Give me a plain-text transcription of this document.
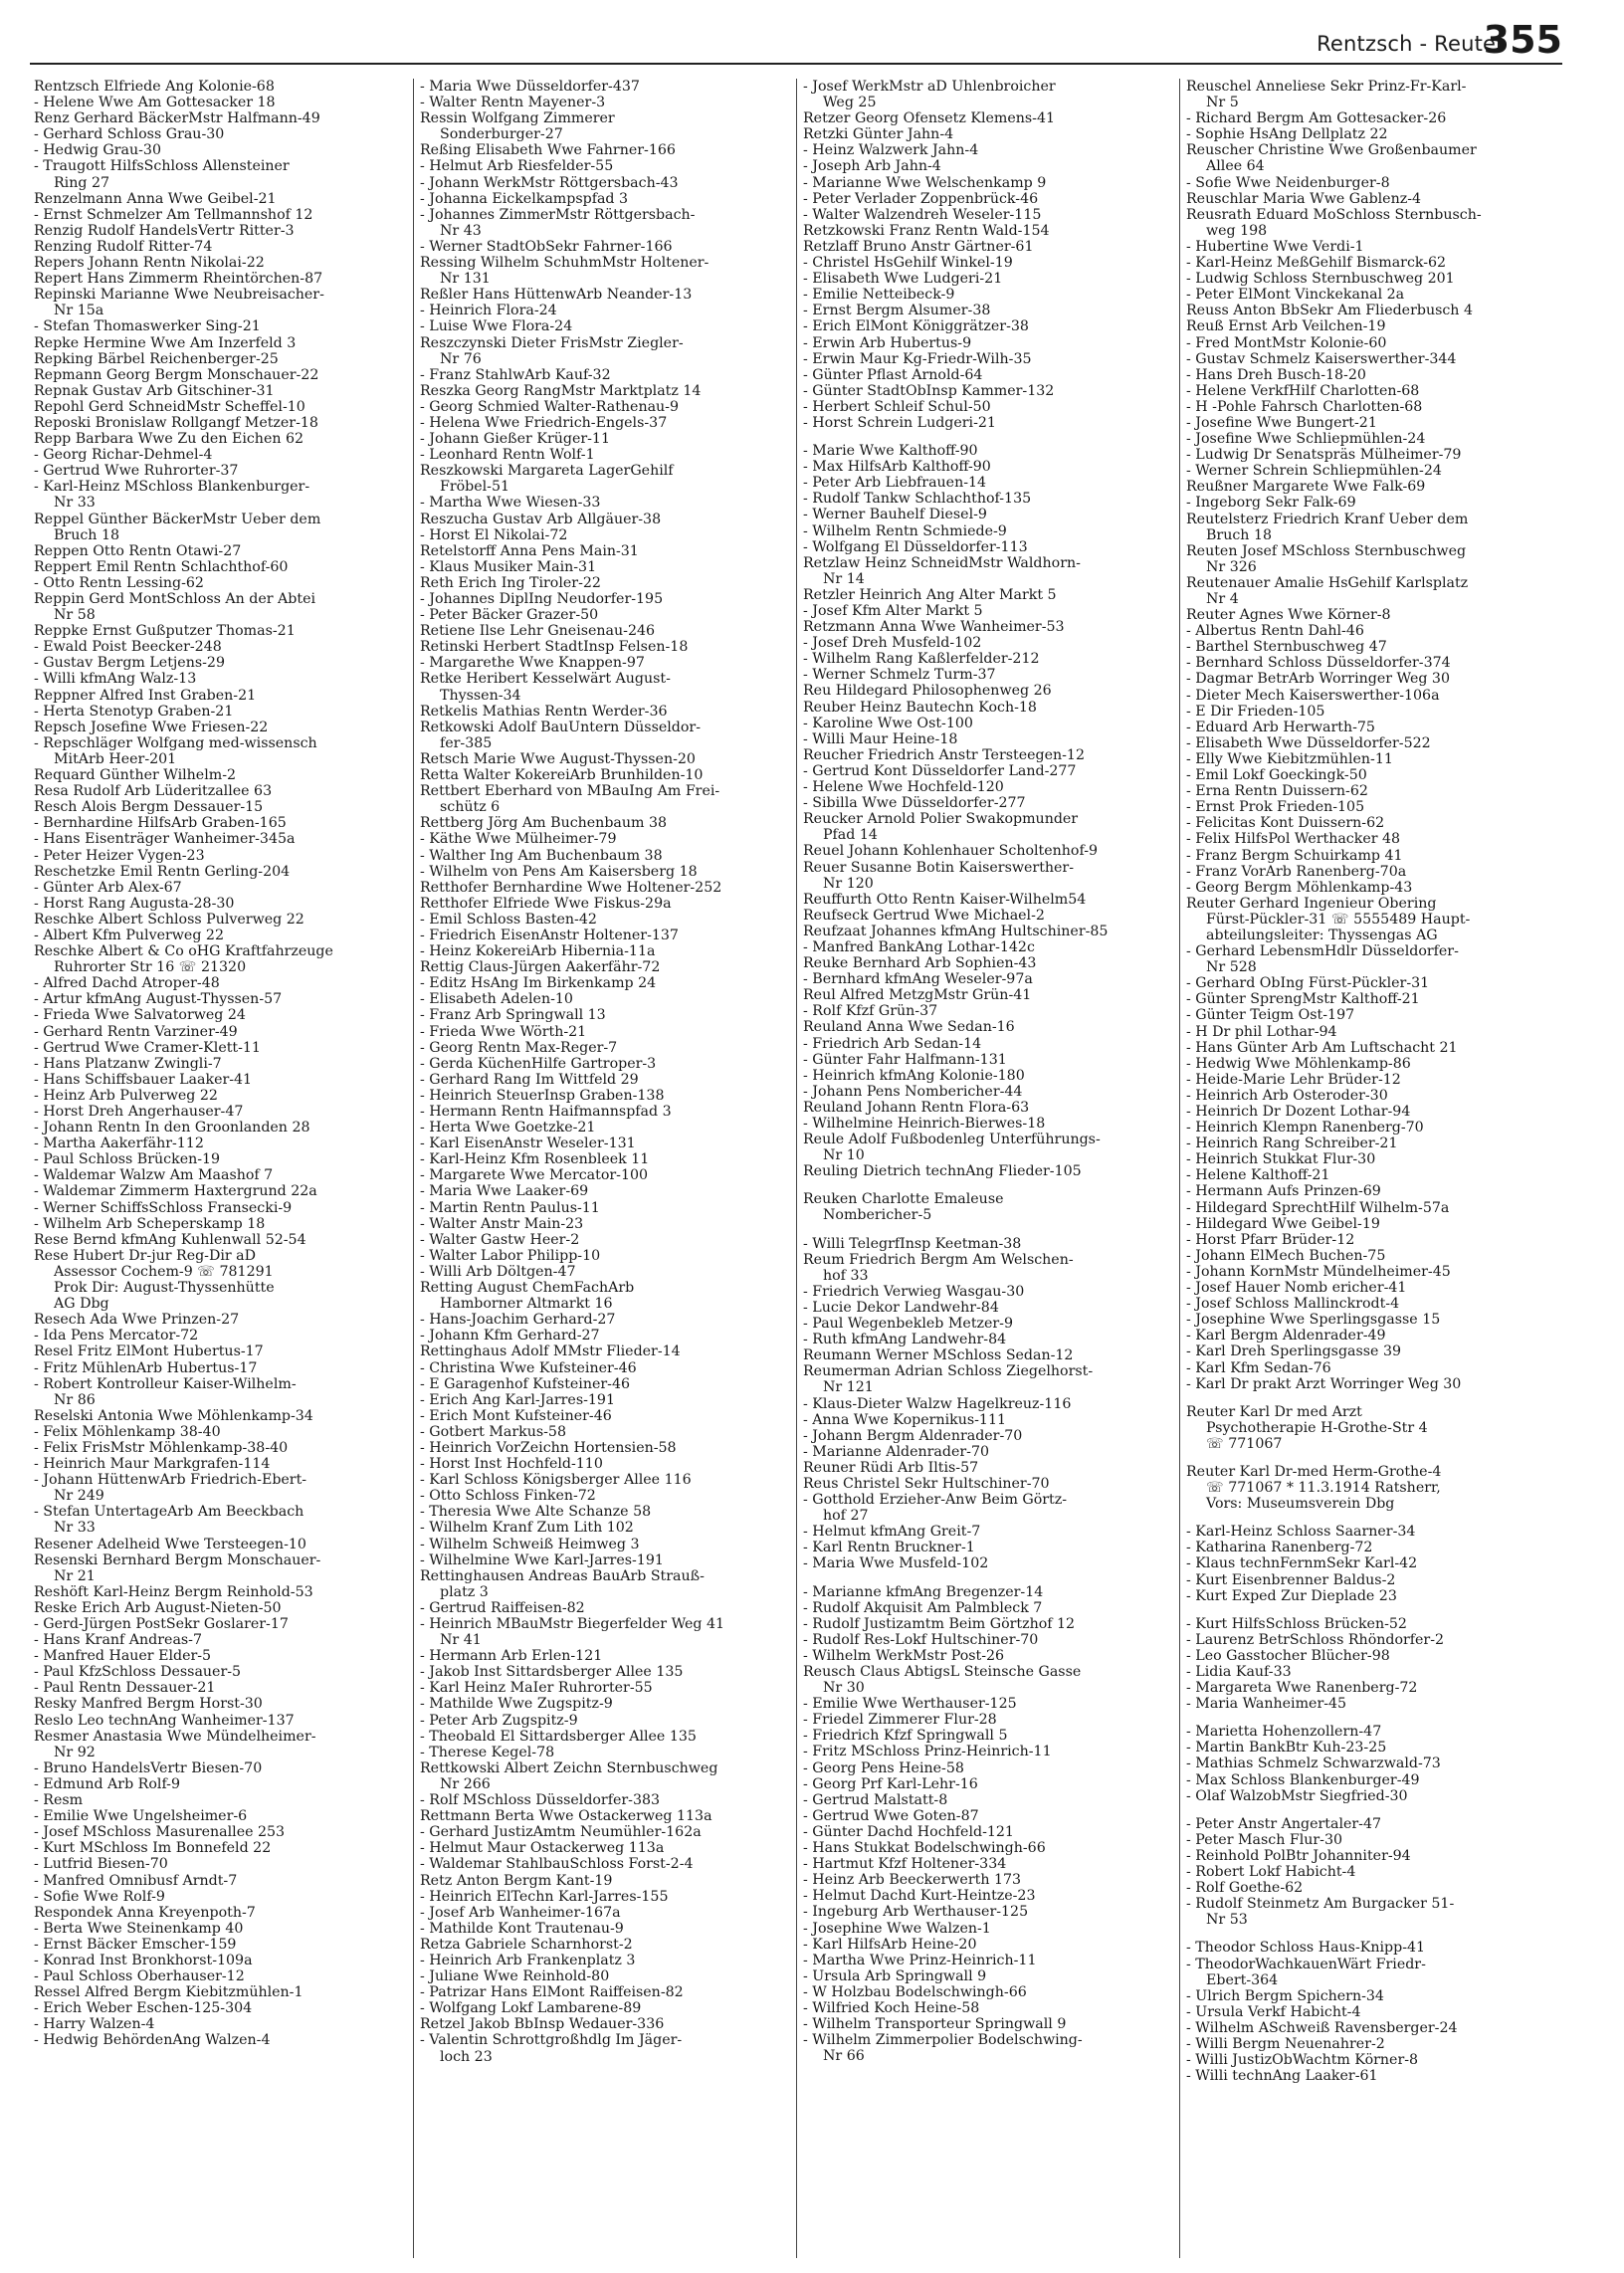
Rentzsch - Reuter
355
Rentzsch Elfriede Ang Kolonie-68
- Helene Wwe Am Gottesacker 18
Renz Gerhard BäckerMstr Halfmann-49
- Gerhard Schloss Grau-30
- Hedwig Grau-30
- Traugott HilfsSchloss Allensteiner
Ring 27
Renzelmann Anna Wwe Geibel-21
- Ernst Schmelzer Am Tellmannshof 12
Renzig Rudolf HandelsVertr Ritter-3
Renzing Rudolf Ritter-74
Repers Johann Rentn Nikolai-22
Repert Hans Zimmerm Rheintörchen-87
Repinski Marianne Wwe Neubreisacher-
Nr 15a
- Stefan Thomaswerker Sing-21
Repke Hermine Wwe Am Inzerfeld 3
Repking Bärbel Reichenberger-25
Repmann Georg Bergm Monschauer-22
Repnak Gustav Arb Gitschiner-31
Repohl Gerd SchneidMstr Scheffel-10
Reposki Bronislaw Rollgangf Metzer-18
Repp Barbara Wwe Zu den Eichen 62
- Georg Richar-Dehmel-4
- Gertrud Wwe Ruhrorter-37
- Karl-Heinz MSchloss Blankenburger-
Nr 33
Reppel Günther BäckerMstr Ueber dem
Bruch 18
Reppen Otto Rentn Otawi-27
Reppert Emil Rentn Schlachthof-60
- Otto Rentn Lessing-62
Reppin Gerd MontSchloss An der Abtei
Nr 58
Reppke Ernst Gußputzer Thomas-21
- Ewald Poist Beecker-248
- Gustav Bergm Letjens-29
- Willi kfmAng Walz-13
Reppner Alfred Inst Graben-21
- Herta Stenotyp Graben-21
Repsch Josefine Wwe Friesen-22
- Repschläger Wolfgang med-wissensch
MitArb Heer-201
Requard Günther Wilhelm-2
Resa Rudolf Arb Lüderitzallee 63
Resch Alois Bergm Dessauer-15
- Bernhardine HilfsArb Graben-165
- Hans Eisenträger Wanheimer-345a
- Peter Heizer Vygen-23
Reschetzke Emil Rentn Gerling-204
- Günter Arb Alex-67
- Horst Rang Augusta-28-30
Reschke Albert Schloss Pulverweg 22
- Albert Kfm Pulverweg 22
Reschke Albert & Co oHG Kraftfahrzeuge
Ruhrorter Str 16 ☏ 21320
- Alfred Dachd Atroper-48
- Artur kfmAng August-Thyssen-57
- Frieda Wwe Salvatorweg 24
- Gerhard Rentn Varziner-49
- Gertrud Wwe Cramer-Klett-11
- Hans Platzanw Zwingli-7
- Hans Schiffsbauer Laaker-41
- Heinz Arb Pulverweg 22
- Horst Dreh Angerhauser-47
- Johann Rentn In den Groonlanden 28
- Martha Aakerfähr-112
- Paul Schloss Brücken-19
- Waldemar Walzw Am Maashof 7
- Waldemar Zimmerm Haxtergrund 22a
- Werner SchiffsSchloss Fransecki-9
- Wilhelm Arb Scheperskamp 18
Rese Bernd kfmAng Kuhlenwall 52-54
Rese Hubert Dr-jur Reg-Dir aD
Assessor Cochem-9 ☏ 781291
Prok Dir: August-Thyssenhütte
AG Dbg
Resech Ada Wwe Prinzen-27
- Ida Pens Mercator-72
Resel Fritz ElMont Hubertus-17
- Fritz MühlenArb Hubertus-17
- Robert Kontrolleur Kaiser-Wilhelm-
Nr 86
Reselski Antonia Wwe Möhlenkamp-34
- Felix Möhlenkamp 38-40
- Felix FrisMstr Möhlenkamp-38-40
- Heinrich Maur Markgrafen-114
- Johann HüttenwArb Friedrich-Ebert-
Nr 249
- Stefan UntertageArb Am Beeckbach
Nr 33
Resener Adelheid Wwe Tersteegen-10
Resenski Bernhard Bergm Monschauer-
Nr 21
Reshöft Karl-Heinz Bergm Reinhold-53
Reske Erich Arb August-Nieten-50
- Gerd-Jürgen PostSekr Goslarer-17
- Hans Kranf Andreas-7
- Manfred Hauer Elder-5
- Paul KfzSchloss Dessauer-5
- Paul Rentn Dessauer-21
Resky Manfred Bergm Horst-30
Reslo Leo technAng Wanheimer-137
Resmer Anastasia Wwe Mündelheimer-
Nr 92
- Bruno HandelsVertr Biesen-70
- Edmund Arb Rolf-9
- Resm
- Emilie Wwe Ungelsheimer-6
- Josef MSchloss Masurenallee 253
- Kurt MSchloss Im Bonnefeld 22
- Lutfrid Biesen-70
- Manfred Omnibusf Arndt-7
- Sofie Wwe Rolf-9
Respondek Anna Kreyenpoth-7
- Berta Wwe Steinenkamp 40
- Ernst Bäcker Emscher-159
- Konrad Inst Bronkhorst-109a
- Paul Schloss Oberhauser-12
Ressel Alfred Bergm Kiebitzmühlen-1
- Erich Weber Eschen-125-304
- Harry Walzen-4
- Hedwig BehördenAng Walzen-4
- Maria Wwe Düsseldorfer-437
- Walter Rentn Mayener-3
Ressin Wolfgang Zimmerer
Sonderburger-27
Reßing Elisabeth Wwe Fahrner-166
- Helmut Arb Riesfelder-55
- Johann WerkMstr Röttgersbach-43
- Johanna Eickelkampspfad 3
- Johannes ZimmerMstr Röttgersbach-
Nr 43
- Werner StadtObSekr Fahrner-166
Ressing Wilhelm SchuhmMstr Holtener-
Nr 131
Reßler Hans HüttenwArb Neander-13
- Heinrich Flora-24
- Luise Wwe Flora-24
Reszczynski Dieter FrisMstr Ziegler-
Nr 76
- Franz StahlwArb Kauf-32
Reszka Georg RangMstr Marktplatz 14
- Georg Schmied Walter-Rathenau-9
- Helena Wwe Friedrich-Engels-37
- Johann Gießer Krüger-11
- Leonhard Rentn Wolf-1
Reszkowski Margareta LagerGehilf
Fröbel-51
- Martha Wwe Wiesen-33
Reszucha Gustav Arb Allgäuer-38
- Horst El Nikolai-72
Retelstorff Anna Pens Main-31
- Klaus Musiker Main-31
Reth Erich Ing Tiroler-22
- Johannes DiplIng Neudorfer-195
- Peter Bäcker Grazer-50
Retiene Ilse Lehr Gneisenau-246
Retinski Herbert StadtInsp Felsen-18
- Margarethe Wwe Knappen-97
Retke Heribert Kesselwärt August-
Thyssen-34
Retkelis Mathias Rentn Werder-36
Retkowski Adolf BauUntern Düsseldor-
fer-385
Retsch Marie Wwe August-Thyssen-20
Retta Walter KokereiArb Brunhilden-10
Rettbert Eberhard von MBauIng Am Frei-
schütz 6
Rettberg Jörg Am Buchenbaum 38
- Käthe Wwe Mülheimer-79
- Walther Ing Am Buchenbaum 38
- Wilhelm von Pens Am Kaisersberg 18
Retthofer Bernhardine Wwe Holtener-252
Retthofer Elfriede Wwe Fiskus-29a
- Emil Schloss Basten-42
- Friedrich EisenAnstr Holtener-137
- Heinz KokereiArb Hibernia-11a
Rettig Claus-Jürgen Aakerfähr-72
- Editz HsAng Im Birkenkamp 24
- Elisabeth Adelen-10
- Franz Arb Springwall 13
- Frieda Wwe Wörth-21
- Georg Rentn Max-Reger-7
- Gerda KüchenHilfe Gartroper-3
- Gerhard Rang Im Wittfeld 29
- Heinrich SteuerInsp Graben-138
- Hermann Rentn Haifmannspfad 3
- Herta Wwe Goetzke-21
- Karl EisenAnstr Weseler-131
- Karl-Heinz Kfm Rosenbleek 11
- Margarete Wwe Mercator-100
- Maria Wwe Laaker-69
- Martin Rentn Paulus-11
- Walter Anstr Main-23
- Walter Gastw Heer-2
- Walter Labor Philipp-10
- Willi Arb Döltgen-47
Retting August ChemFachArb
Hamborner Altmarkt 16
- Hans-Joachim Gerhard-27
- Johann Kfm Gerhard-27
Rettinghaus Adolf MMstr Flieder-14
- Christina Wwe Kufsteiner-46
- E Garagenhof Kufsteiner-46
- Erich Ang Karl-Jarres-191
- Erich Mont Kufsteiner-46
- Gotbert Markus-58
- Heinrich VorZeichn Hortensien-58
- Horst Inst Hochfeld-110
- Karl Schloss Königsberger Allee 116
- Otto Schloss Finken-72
- Theresia Wwe Alte Schanze 58
- Wilhelm Kranf Zum Lith 102
- Wilhelm Schweiß Heimweg 3
- Wilhelmine Wwe Karl-Jarres-191
Rettinghausen Andreas BauArb Strauß-
platz 3
- Gertrud Raiffeisen-82
- Heinrich MBauMstr Biegerfelder Weg 41
Nr 41
- Hermann Arb Erlen-121
- Jakob Inst Sittardsberger Allee 135
- Karl Heinz MaIer Ruhrorter-55
- Mathilde Wwe Zugspitz-9
- Peter Arb Zugspitz-9
- Theobald El Sittardsberger Allee 135
- Therese Kegel-78
Rettkowski Albert Zeichn Sternbuschweg
Nr 266
- Rolf MSchloss Düsseldorfer-383
Rettmann Berta Wwe Ostackerweg 113a
- Gerhard JustizAmtm Neumühler-162a
- Helmut Maur Ostackerweg 113a
- Waldemar StahlbauSchloss Forst-2-4
Retz Anton Bergm Kant-19
- Heinrich ElTechn Karl-Jarres-155
- Josef Arb Wanheimer-167a
- Mathilde Kont Trautenau-9
Retza Gabriele Scharnhorst-2
- Heinrich Arb Frankenplatz 3
- Juliane Wwe Reinhold-80
- Patrizar Hans ElMont Raiffeisen-82
- Wolfgang Lokf Lambarene-89
Retzel Jakob BbInsp Wedauer-336
- Valentin Schrottgroßhdlg Im Jäger-
loch 23
- Josef WerkMstr aD Uhlenbroicher
Weg 25
Retzer Georg Ofensetz Klemens-41
Retzki Günter Jahn-4
- Heinz Walzwerk Jahn-4
- Joseph Arb Jahn-4
- Marianne Wwe Welschenkamp 9
- Peter Verlader Zoppenbrück-46
- Walter Walzendreh Weseler-115
Retzkowski Franz Rentn Wald-154
Retzlaff Bruno Anstr Gärtner-61
- Christel HsGehilf Winkel-19
- Elisabeth Wwe Ludgeri-21
- Emilie Netteibeck-9
- Ernst Bergm Alsumer-38
- Erich ElMont Königgrätzer-38
- Erwin Arb Hubertus-9
- Erwin Maur Kg-Friedr-Wilh-35
- Günter Pflast Arnold-64
- Günter StadtObInsp Kammer-132
- Herbert Schleif Schul-50
- Horst Schrein Ludgeri-21
- Marie Wwe Kalthoff-90
- Max HilfsArb Kalthoff-90
- Peter Arb Liebfrauen-14
- Rudolf Tankw Schlachthof-135
- Werner Bauhelf Diesel-9
- Wilhelm Rentn Schmiede-9
- Wolfgang El Düsseldorfer-113
Retzlaw Heinz SchneidMstr Waldhorn-
Nr 14
Retzler Heinrich Ang Alter Markt 5
- Josef Kfm Alter Markt 5
Retzmann Anna Wwe Wanheimer-53
- Josef Dreh Musfeld-102
- Wilhelm Rang Kaßlerfelder-212
- Werner Schmelz Turm-37
Reu Hildegard Philosophenweg 26
Reuber Heinz Bautechn Koch-18
- Karoline Wwe Ost-100
- Willi Maur Heine-18
Reucher Friedrich Anstr Tersteegen-12
- Gertrud Kont Düsseldorfer Land-277
- Helene Wwe Hochfeld-120
- Sibilla Wwe Düsseldorfer-277
Reucker Arnold Polier Swakopmunder
Pfad 14
Reuel Johann Kohlenhauer Scholtenhof-9
Reuer Susanne Botin Kaiserswerther-
Nr 120
Reuffurth Otto Rentn Kaiser-Wilhelm54
Reufseck Gertrud Wwe Michael-2
Reufzaat Johannes kfmAng Hultschiner-85
- Manfred BankAng Lothar-142c
Reuke Bernhard Arb Sophien-43
- Bernhard kfmAng Weseler-97a
Reul Alfred MetzgMstr Grün-41
- Rolf Kfzf Grün-37
Reuland Anna Wwe Sedan-16
- Friedrich Arb Sedan-14
- Günter Fahr Halfmann-131
- Heinrich kfmAng Kolonie-180
- Johann Pens Nombericher-44
Reuland Johann Rentn Flora-63
- Wilhelmine Heinrich-Bierwes-18
Reule Adolf Fußbodenleg Unterführungs-
Nr 10
Reuling Dietrich technAng Flieder-105
Reuken Charlotte Emaleuse
Nombericher-5
- Willi TelegrfInsp Keetman-38
Reum Friedrich Bergm Am Welschen-
hof 33
- Friedrich Verwieg Wasgau-30
- Lucie Dekor Landwehr-84
- Paul Wegenbekleb Metzer-9
- Ruth kfmAng Landwehr-84
Reumann Werner MSchloss Sedan-12
Reumerman Adrian Schloss Ziegelhorst-
Nr 121
- Klaus-Dieter Walzw Hagelkreuz-116
- Anna Wwe Kopernikus-111
- Johann Bergm Aldenrader-70
- Marianne Aldenrader-70
Reuner Rüdi Arb Iltis-57
Reus Christel Sekr Hultschiner-70
- Gotthold Erzieher-Anw Beim Görtz-
hof 27
- Helmut kfmAng Greit-7
- Karl Rentn Bruckner-1
- Maria Wwe Musfeld-102
- Marianne kfmAng Bregenzer-14
- Rudolf Akquisit Am Palmbleck 7
- Rudolf Justizamtm Beim Görtzhof 12
- Rudolf Res-Lokf Hultschiner-70
- Wilhelm WerkMstr Post-26
Reusch Claus AbtigsL Steinsche Gasse
Nr 30
- Emilie Wwe Werthauser-125
- Friedel Zimmerer Flur-28
- Friedrich Kfzf Springwall 5
- Fritz MSchloss Prinz-Heinrich-11
- Georg Pens Heine-58
- Georg Prf Karl-Lehr-16
- Gertrud Malstatt-8
- Gertrud Wwe Goten-87
- Günter Dachd Hochfeld-121
- Hans Stukkat Bodelschwingh-66
- Hartmut Kfzf Holtener-334
- Heinz Arb Beeckerwerth 173
- Helmut Dachd Kurt-Heintze-23
- Ingeburg Arb Werthauser-125
- Josephine Wwe Walzen-1
- Karl HilfsArb Heine-20
- Martha Wwe Prinz-Heinrich-11
- Ursula Arb Springwall 9
- W Holzbau Bodelschwingh-66
- Wilfried Koch Heine-58
- Wilhelm Transporteur Springwall 9
- Wilhelm Zimmerpolier Bodelschwing-
Nr 66
Reuschel Anneliese Sekr Prinz-Fr-Karl-
Nr 5
- Richard Bergm Am Gottesacker-26
- Sophie HsAng Dellplatz 22
Reuscher Christine Wwe Großenbaumer
Allee 64
- Sofie Wwe Neidenburger-8
Reuschlar Maria Wwe Gablenz-4
Reusrath Eduard MoSchloss Sternbusch-
weg 198
- Hubertine Wwe Verdi-1
- Karl-Heinz MeßGehilf Bismarck-62
- Ludwig Schloss Sternbuschweg 201
- Peter ElMont Vinckekanal 2a
Reuss Anton BbSekr Am Fliederbusch 4
Reuß Ernst Arb Veilchen-19
- Fred MontMstr Kolonie-60
- Gustav Schmelz Kaiserswerther-344
- Hans Dreh Busch-18-20
- Helene VerkfHilf Charlotten-68
- H -Pohle Fahrsch Charlotten-68
- Josefine Wwe Bungert-21
- Josefine Wwe Schliepmühlen-24
- Ludwig Dr Senatspräs Mülheimer-79
- Werner Schrein Schliepmühlen-24
Reußner Margarete Wwe Falk-69
- Ingeborg Sekr Falk-69
Reutelsterz Friedrich Kranf Ueber dem
Bruch 18
Reuten Josef MSchloss Sternbuschweg
Nr 326
Reutenauer Amalie HsGehilf Karlsplatz
Nr 4
Reuter Agnes Wwe Körner-8
- Albertus Rentn Dahl-46
- Barthel Sternbuschweg 47
- Bernhard Schloss Düsseldorfer-374
- Dagmar BetrArb Worringer Weg 30
- Dieter Mech Kaiserswerther-106a
- E Dir Frieden-105
- Eduard Arb Herwarth-75
- Elisabeth Wwe Düsseldorfer-522
- Elly Wwe Kiebitzmühlen-11
- Emil Lokf Goeckingk-50
- Erna Rentn Duissern-62
- Ernst Prok Frieden-105
- Felicitas Kont Duissern-62
- Felix HilfsPol Werthacker 48
- Franz Bergm Schuirkamp 41
- Franz VorArb Ranenberg-70a
- Georg Bergm Möhlenkamp-43
Reuter Gerhard Ingenieur Obering
Fürst-Pückler-31 ☏ 5555489 Haupt-
abteilungsleiter: Thyssengas AG
- Gerhard LebensmHdlr Düsseldorfer-
Nr 528
- Gerhard ObIng Fürst-Pückler-31
- Günter SprengMstr Kalthoff-21
- Günter Teigm Ost-197
- H Dr phil Lothar-94
- Hans Günter Arb Am Luftschacht 21
- Hedwig Wwe Möhlenkamp-86
- Heide-Marie Lehr Brüder-12
- Heinrich Arb Osteroder-30
- Heinrich Dr Dozent Lothar-94
- Heinrich Klempn Ranenberg-70
- Heinrich Rang Schreiber-21
- Heinrich Stukkat Flur-30
- Helene Kalthoff-21
- Hermann Aufs Prinzen-69
- Hildegard SprechtHilf Wilhelm-57a
- Hildegard Wwe Geibel-19
- Horst Pfarr Brüder-12
- Johann ElMech Buchen-75
- Johann KornMstr Mündelheimer-45
- Josef Hauer Nomb ericher-41
- Josef Schloss Mallinckrodt-4
- Josephine Wwe Sperlingsgasse 15
- Karl Bergm Aldenrader-49
- Karl Dreh Sperlingsgasse 39
- Karl Kfm Sedan-76
- Karl Dr prakt Arzt Worringer Weg 30
Reuter Karl Dr med Arzt
Psychotherapie H-Grothe-Str 4
☏ 771067
Reuter Karl Dr-med Herm-Grothe-4
☏ 771067 * 11.3.1914 Ratsherr,
Vors: Museumsverein Dbg
- Karl-Heinz Schloss Saarner-34
- Katharina Ranenberg-72
- Klaus technFernmSekr Karl-42
- Kurt Eisenbrenner Baldus-2
- Kurt Exped Zur Dieplade 23
- Kurt HilfsSchloss Brücken-52
- Laurenz BetrSchloss Rhöndorfer-2
- Leo Gasstocher Blücher-98
- Lidia Kauf-33
- Margareta Wwe Ranenberg-72
- Maria Wanheimer-45
- Marietta Hohenzollern-47
- Martin BankBtr Kuh-23-25
- Mathias Schmelz Schwarzwald-73
- Max Schloss Blankenburger-49
- Olaf WalzobMstr Siegfried-30
- Peter Anstr Angertaler-47
- Peter Masch Flur-30
- Reinhold PolBtr Johanniter-94
- Robert Lokf Habicht-4
- Rolf Goethe-62
- Rudolf Steinmetz Am Burgacker 51-
Nr 53
- Theodor Schloss Haus-Knipp-41
- TheodorWachkauenWärt Friedr-
Ebert-364
- Ulrich Bergm Spichern-34
- Ursula Verkf Habicht-4
- Wilhelm ASchweiß Ravensberger-24
- Willi Bergm Neuenahrer-2
- Willi JustizObWachtm Körner-8
- Willi technAng Laaker-61
